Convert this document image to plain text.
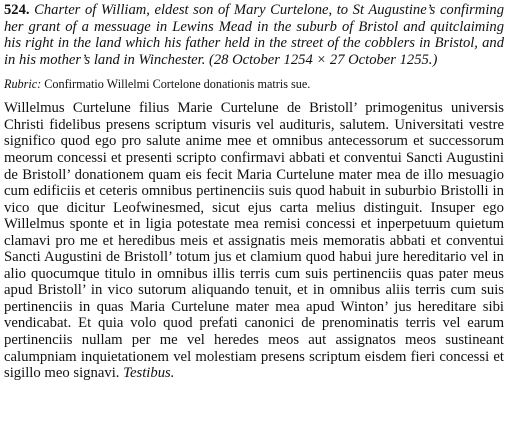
524. Charter of William, eldest son of Mary Curtelone, to St Augustine’s confirming her grant of a messuage in Lewins Mead in the suburb of Bristol and quitclaiming his right in the land which his father held in the street of the cobblers in Bristol, and in his mother’s land in Winchester. (28 October 1254 × 27 October 1255.)

Rubric: Confirmatio Willelmi Cortelone donationis matris sue.

Willelmus Curtelune filius Marie Curtelune de Bristoll’ primogenitus universis Christi fidelibus presens scriptum visuris vel audituris, salutem. Universitati vestre significo quod ego pro salute anime mee et omnibus antecessorum et successorum meorum concessi et presenti scripto confirmavi abbati et conventui Sancti Augustini de Bristoll’ donationem quam eis fecit Maria Curtelune mater mea de illo mesuagio cum edificiis et ceteris omnibus pertinenciis suis quod habuit in suburbio Bristolli in vico que dicitur Leofwinesmed, sicut ejus carta melius distinguit. Insuper ego Willelmus sponte et in ligia potestate mea remisi concessi et inperpetuum quietum clamavi pro me et heredibus meis et assignatis meis memoratis abbati et conventui Sancti Augustini de Bristoll’ totum jus et clamium quod habui jure hereditario vel in alio quocumque titulo in omnibus illis terris cum suis pertinenciis quas pater meus apud Bristoll’ in vico sutorum aliquando tenuit, et in omnibus aliis terris cum suis pertinenciis in quas Maria Curtelune mater mea apud Winton’ jus hereditare sibi vendicabat. Et quia volo quod prefati canonici de prenominatis terris vel earum pertinenciis nullam per me vel heredes meos aut assignatos meos sustineant calumpniam inquietationem vel molestiam presens scriptum eisdem fieri concessi et sigillo meo signavi. Testibus.
